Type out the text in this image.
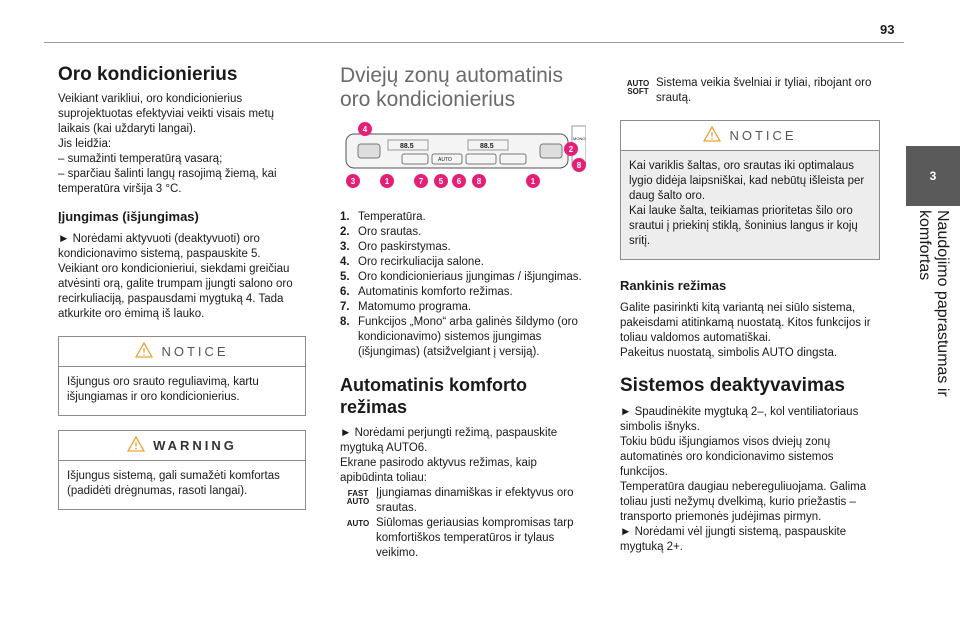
93
3
Naudojimo paprastumas ir komfortas
Oro kondicionierius

Veikiant varikliui, oro kondicionierius suprojektuotas efektyviai veikti visais metų laikais (kai uždaryti langai).

Jis leidžia:

– sumažinti temperatūrą vasarą;

– sparčiau šalinti langų rasojimą žiemą, kai temperatūra viršija 3 °C.

Įjungimas (išjungimas)

► Norėdami aktyvuoti (deaktyvuoti) oro kondicionavimo sistemą, paspauskite 5.

Veikiant oro kondicionieriui, siekdami greičiau atvėsinti orą, galite trumpam įjungti salono oro recirkuliaciją, paspausdami mygtuką 4. Tada atkurkite oro ėmimą iš lauko.

NOTICE

Išjungus oro srauto reguliavimą, kartu išjungiamas ir oro kondicionierius.

WARNING

Išjungus sistemą, gali sumažėti komfortas (padidėti drėgnumas, rasoti langai).

Dviejų zonų automatinis
oro kondicionierius
88.5	88.5
AUTO
MONO
4
3	1	7	5	6	8	1
2
8
1. Temperatūra.
2. Oro srautas.
3. Oro paskirstymas.
4. Oro recirkuliacija salone.
5. Oro kondicionieriaus įjungimas / išjungimas.
6. Automatinis komforto režimas.
7. Matomumo programa.
8. Funkcijos „Mono“ arba galinės šildymo (oro kondicionavimo) sistemos įjungimas (išjungimas) (atsižvelgiant į versiją).
Automatinis komforto
režimas

► Norėdami perjungti režimą, paspauskite mygtuką AUTO6.

Ekrane pasirodo aktyvus režimas, kaip apibūdinta toliau:

FAST AUTO

Įjungiamas dinamiškas ir efektyvus oro srautas.

AUTO Siūlomas geriausias kompromisas tarp komfortiškos temperatūros ir tylaus veikimo.

AUTO SOFT

Sistema veikia švelniai ir tyliai, ribojant oro srautą.

NOTICE

Kai variklis šaltas, oro srautas iki optimalaus lygio didėja laipsniškai, kad nebūtų išleista per daug šalto oro.

Kai lauke šalta, teikiamas prioritetas šilo oro srautui į priekinį stiklą, šoninius langus ir kojų sritį.

Rankinis režimas

Galite pasirinkti kitą variantą nei siūlo sistema, pakeisdami atitinkamą nuostatą. Kitos funkcijos ir toliau valdomos automatiškai.

Pakeitus nuostatą, simbolis AUTO dingsta.

Sistemos deaktyvavimas

► Spaudinėkite mygtuką 2–, kol ventiliatoriaus simbolis išnyks.

Tokiu būdu išjungiamos visos dviejų zonų automatinės oro kondicionavimo sistemos funkcijos.

Temperatūra daugiau nebereguliuojama. Galima toliau justi nežymų dvelkimą, kurio priežastis – transporto priemonės judėjimas pirmyn.

► Norėdami vėl įjungti sistemą, paspauskite mygtuką 2+.
